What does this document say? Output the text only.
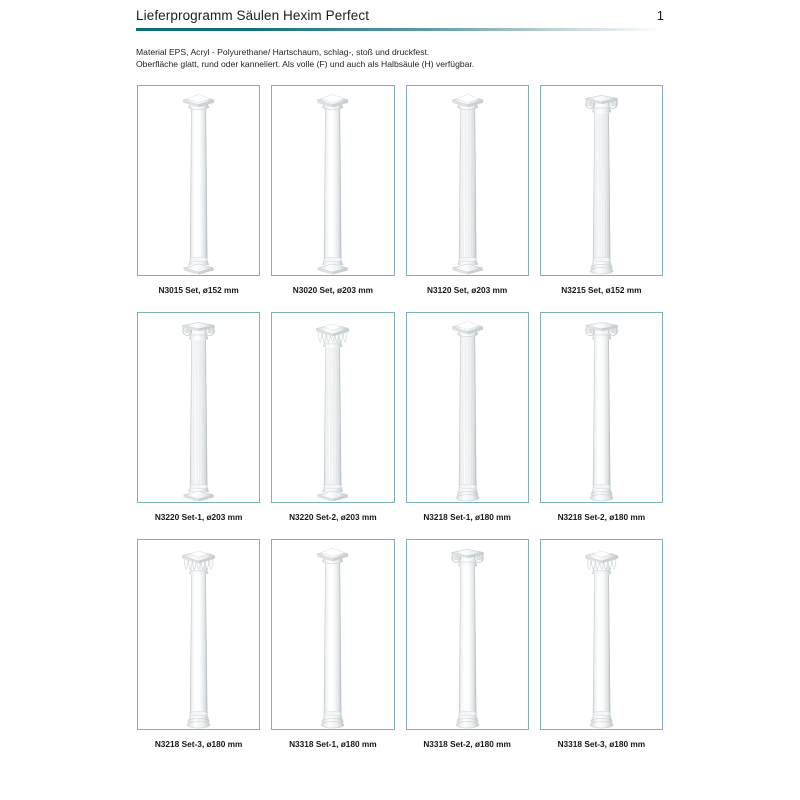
Lieferprogramm Säulen Hexim Perfect	1
Material EPS, Acryl - Polyurethane/ Hartschaum, schlag-, stoß und druckfest.
Oberfläche glatt, rund oder kanneliert. Als volle (F) und auch als Halbsäule (H) verfügbar.
N3015 Set, ø152 mm	N3020 Set, ø203 mm	N3120 Set, ø203 mm	N3215 Set, ø152 mm
N3220 Set-1, ø203 mm	N3220 Set-2, ø203 mm	N3218 Set-1, ø180 mm	N3218 Set-2, ø180 mm
N3218 Set-3, ø180 mm	N3318 Set-1, ø180 mm	N3318 Set-2, ø180 mm	N3318 Set-3, ø180 mm
